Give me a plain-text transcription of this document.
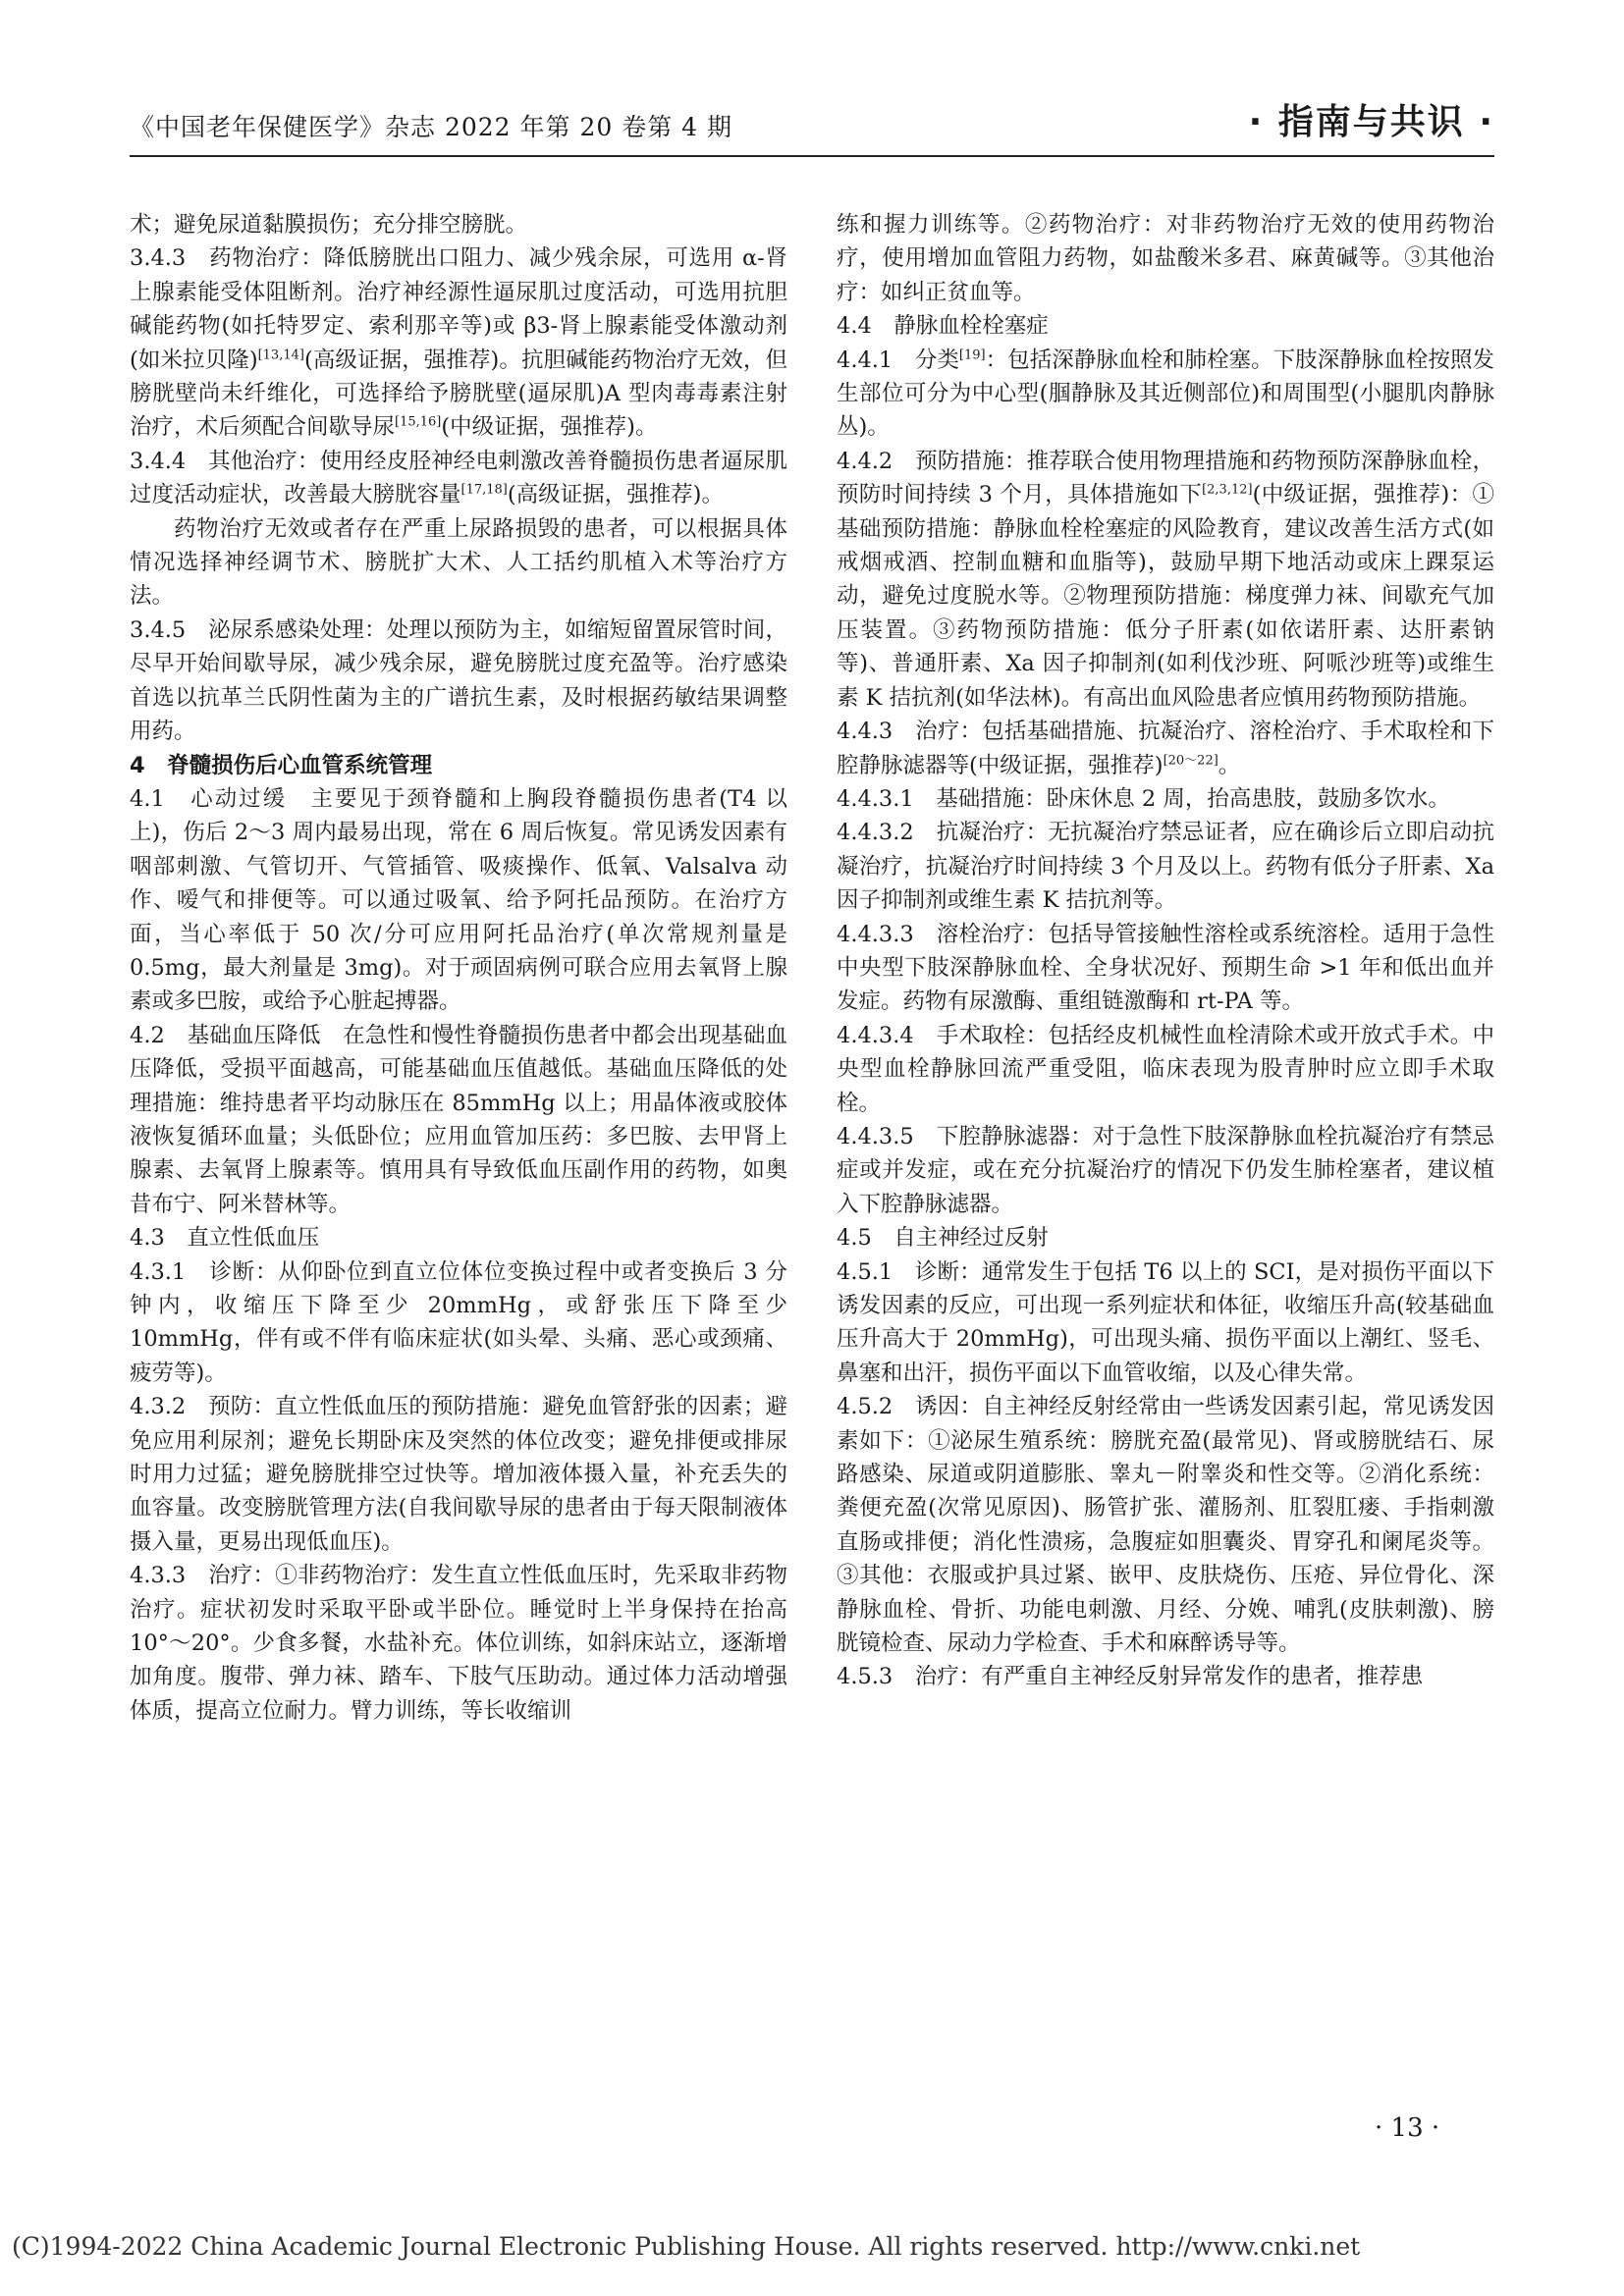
《中国老年保健医学》杂志 2022 年第 20 卷第 4 期	· 指南与共识 ·

术；避免尿道黏膜损伤；充分排空膀胱。

3.4.3　药物治疗：降低膀胱出口阻力、减少残余尿，可选用 α-肾上腺素能受体阻断剂。治疗神经源性逼尿肌过度活动，可选用抗胆碱能药物(如托特罗定、索利那辛等)或 β3-肾上腺素能受体激动剂(如米拉贝隆)[13,14](高级证据，强推荐)。抗胆碱能药物治疗无效，但膀胱壁尚未纤维化，可选择给予膀胱壁(逼尿肌)A 型肉毒毒素注射治疗，术后须配合间歇导尿[15,16](中级证据，强推荐)。

3.4.4　其他治疗：使用经皮胫神经电刺激改善脊髓损伤患者逼尿肌过度活动症状，改善最大膀胱容量[17,18](高级证据，强推荐)。

药物治疗无效或者存在严重上尿路损毁的患者，可以根据具体情况选择神经调节术、膀胱扩大术、人工括约肌植入术等治疗方法。

3.4.5　泌尿系感染处理：处理以预防为主，如缩短留置尿管时间，尽早开始间歇导尿，减少残余尿，避免膀胱过度充盈等。治疗感染首选以抗革兰氏阴性菌为主的广谱抗生素，及时根据药敏结果调整用药。

4　脊髓损伤后心血管系统管理

4.1　心动过缓　主要见于颈脊髓和上胸段脊髓损伤患者(T4 以上)，伤后 2～3 周内最易出现，常在 6 周后恢复。常见诱发因素有咽部刺激、气管切开、气管插管、吸痰操作、低氧、Valsalva 动作、嗳气和排便等。可以通过吸氧、给予阿托品预防。在治疗方面，当心率低于 50 次/分可应用阿托品治疗(单次常规剂量是 0.5mg，最大剂量是 3mg)。对于顽固病例可联合应用去氧肾上腺素或多巴胺，或给予心脏起搏器。

4.2　基础血压降低　在急性和慢性脊髓损伤患者中都会出现基础血压降低，受损平面越高，可能基础血压值越低。基础血压降低的处理措施：维持患者平均动脉压在 85mmHg 以上；用晶体液或胶体液恢复循环血量；头低卧位；应用血管加压药：多巴胺、去甲肾上腺素、去氧肾上腺素等。慎用具有导致低血压副作用的药物，如奥昔布宁、阿米替林等。

4.3　直立性低血压

4.3.1　诊断：从仰卧位到直立位体位变换过程中或者变换后 3 分钟内，收缩压下降至少 20mmHg，或舒张压下降至少 10mmHg，伴有或不伴有临床症状(如头晕、头痛、恶心或颈痛、疲劳等)。

4.3.2　预防：直立性低血压的预防措施：避免血管舒张的因素；避免应用利尿剂；避免长期卧床及突然的体位改变；避免排便或排尿时用力过猛；避免膀胱排空过快等。增加液体摄入量，补充丢失的血容量。改变膀胱管理方法(自我间歇导尿的患者由于每天限制液体摄入量，更易出现低血压)。

4.3.3　治疗：①非药物治疗：发生直立性低血压时，先采取非药物治疗。症状初发时采取平卧或半卧位。睡觉时上半身保持在抬高 10°～20°。少食多餐，水盐补充。体位训练，如斜床站立，逐渐增加角度。腹带、弹力袜、踏车、下肢气压助动。通过体力活动增强体质，提高立位耐力。臂力训练，等长收缩训

练和握力训练等。②药物治疗：对非药物治疗无效的使用药物治疗，使用增加血管阻力药物，如盐酸米多君、麻黄碱等。③其他治疗：如纠正贫血等。

4.4　静脉血栓栓塞症

4.4.1　分类[19]：包括深静脉血栓和肺栓塞。下肢深静脉血栓按照发生部位可分为中心型(腘静脉及其近侧部位)和周围型(小腿肌肉静脉丛)。

4.4.2　预防措施：推荐联合使用物理措施和药物预防深静脉血栓，预防时间持续 3 个月，具体措施如下[2,3,12](中级证据，强推荐)：①基础预防措施：静脉血栓栓塞症的风险教育，建议改善生活方式(如戒烟戒酒、控制血糖和血脂等)，鼓励早期下地活动或床上踝泵运动，避免过度脱水等。②物理预防措施：梯度弹力袜、间歇充气加压装置。③药物预防措施：低分子肝素(如依诺肝素、达肝素钠等)、普通肝素、Xa 因子抑制剂(如利伐沙班、阿哌沙班等)或维生素 K 拮抗剂(如华法林)。有高出血风险患者应慎用药物预防措施。

4.4.3　治疗：包括基础措施、抗凝治疗、溶栓治疗、手术取栓和下腔静脉滤器等(中级证据，强推荐)[20～22]。

4.4.3.1　基础措施：卧床休息 2 周，抬高患肢，鼓励多饮水。

4.4.3.2　抗凝治疗：无抗凝治疗禁忌证者，应在确诊后立即启动抗凝治疗，抗凝治疗时间持续 3 个月及以上。药物有低分子肝素、Xa 因子抑制剂或维生素 K 拮抗剂等。

4.4.3.3　溶栓治疗：包括导管接触性溶栓或系统溶栓。适用于急性中央型下肢深静脉血栓、全身状况好、预期生命 >1 年和低出血并发症。药物有尿激酶、重组链激酶和 rt-PA 等。

4.4.3.4　手术取栓：包括经皮机械性血栓清除术或开放式手术。中央型血栓静脉回流严重受阻，临床表现为股青肿时应立即手术取栓。

4.4.3.5　下腔静脉滤器：对于急性下肢深静脉血栓抗凝治疗有禁忌症或并发症，或在充分抗凝治疗的情况下仍发生肺栓塞者，建议植入下腔静脉滤器。

4.5　自主神经过反射

4.5.1　诊断：通常发生于包括 T6 以上的 SCI，是对损伤平面以下诱发因素的反应，可出现一系列症状和体征，收缩压升高(较基础血压升高大于 20mmHg)，可出现头痛、损伤平面以上潮红、竖毛、鼻塞和出汗，损伤平面以下血管收缩，以及心律失常。

4.5.2　诱因：自主神经反射经常由一些诱发因素引起，常见诱发因素如下：①泌尿生殖系统：膀胱充盈(最常见)、肾或膀胱结石、尿路感染、尿道或阴道膨胀、睾丸－附睾炎和性交等。②消化系统：粪便充盈(次常见原因)、肠管扩张、灌肠剂、肛裂肛瘘、手指刺激直肠或排便；消化性溃疡，急腹症如胆囊炎、胃穿孔和阑尾炎等。③其他：衣服或护具过紧、嵌甲、皮肤烧伤、压疮、异位骨化、深静脉血栓、骨折、功能电刺激、月经、分娩、哺乳(皮肤刺激)、膀胱镜检查、尿动力学检查、手术和麻醉诱导等。

4.5.3　治疗：有严重自主神经反射异常发作的患者，推荐患

· 13 ·
(C)1994-2022 China Academic Journal Electronic Publishing House. All rights reserved. http://www.cnki.net
